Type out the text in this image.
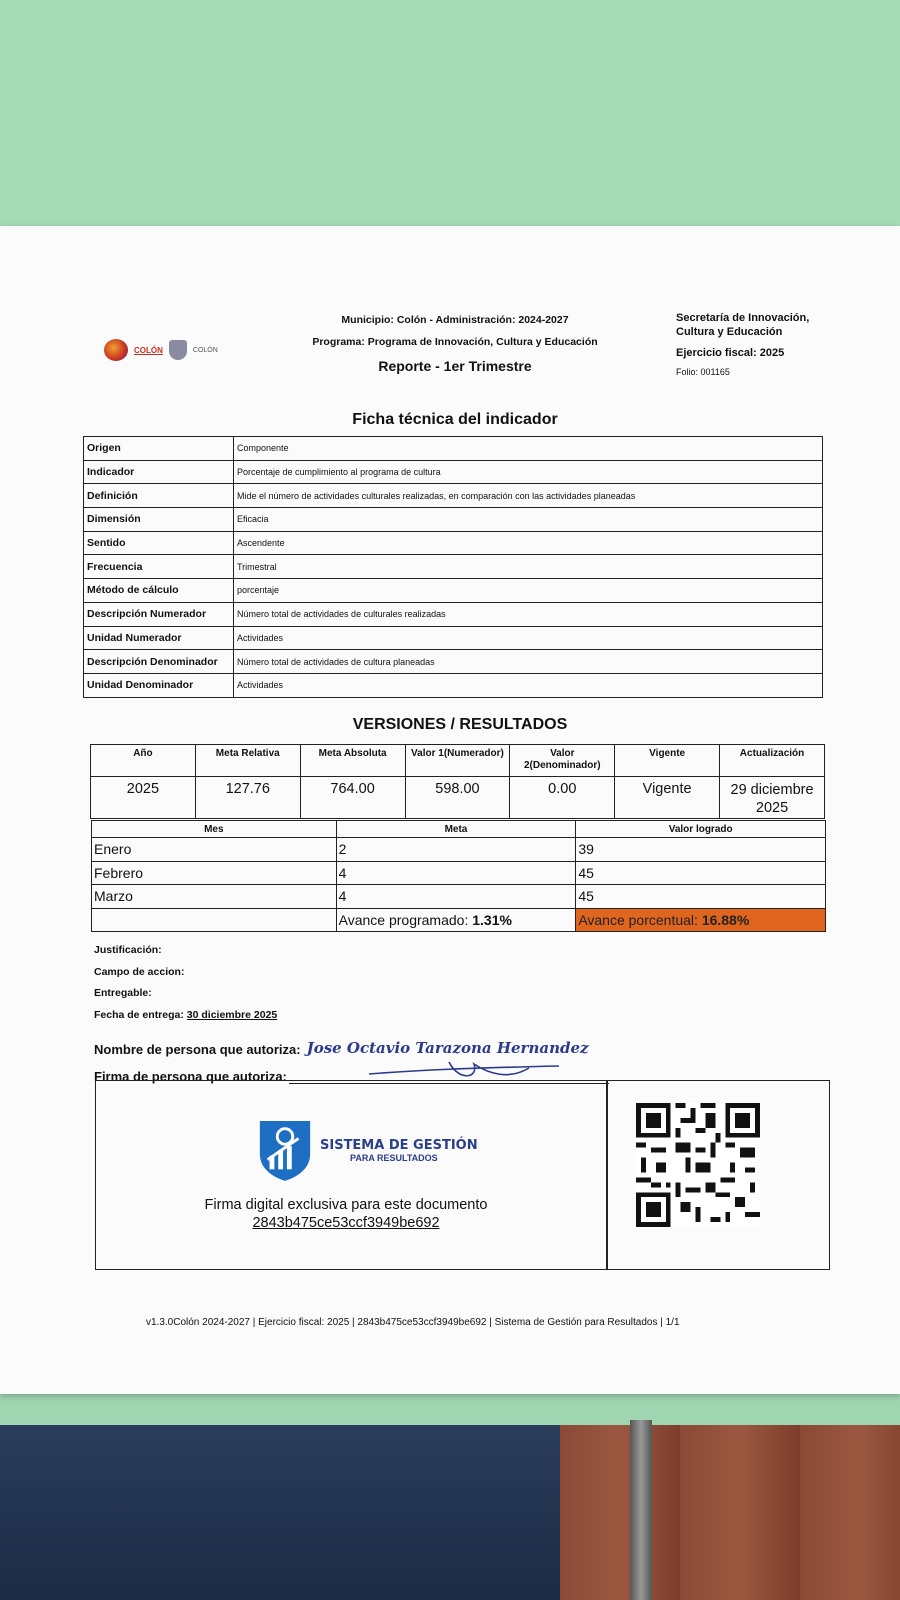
COLÓN	COLÓN
Municipio: Colón - Administración: 2024-2027
Programa: Programa de Innovación, Cultura y Educación
Reporte - 1er Trimestre
Secretaría de Innovación, Cultura y Educación
Ejercicio fiscal: 2025
Folio: 001165
Ficha técnica del indicador
Origen	Componente
Indicador	Porcentaje de cumplimiento al programa de cultura
Definición	Mide el número de actividades culturales realizadas, en comparación con las actividades planeadas
Dimensión	Eficacia
Sentido	Ascendente
Frecuencia	Trimestral
Método de cálculo	porcentaje
Descripción Numerador	Número total de actividades de culturales realizadas
Unidad Numerador	Actividades
Descripción Denominador	Número total de actividades de cultura planeadas
Unidad Denominador	Actividades
VERSIONES / RESULTADOS
Año	Meta Relativa	Meta Absoluta	Valor 1(Numerador)	Valor 2(Denominador)	Vigente	Actualización
2025	127.76	764.00	598.00	0.00	Vigente	29 diciembre 2025
Mes	Meta	Valor logrado
Enero	2	39
Febrero	4	45
Marzo	4	45
	Avance programado: 1.31%	Avance porcentual: 16.88%
Justificación:
Campo de accion:
Entregable:
Fecha de entrega: 30 diciembre 2025
Nombre de persona que autoriza: Jose Octavio Tarazona Hernandez
Firma de persona que autoriza:
SISTEMA DE GESTIÓN
PARA RESULTADOS
Firma digital exclusiva para este documento
2843b475ce53ccf3949be692
v1.3.0Colón 2024-2027 | Ejercicio fiscal: 2025 | 2843b475ce53ccf3949be692 | Sistema de Gestión para Resultados | 1/1
